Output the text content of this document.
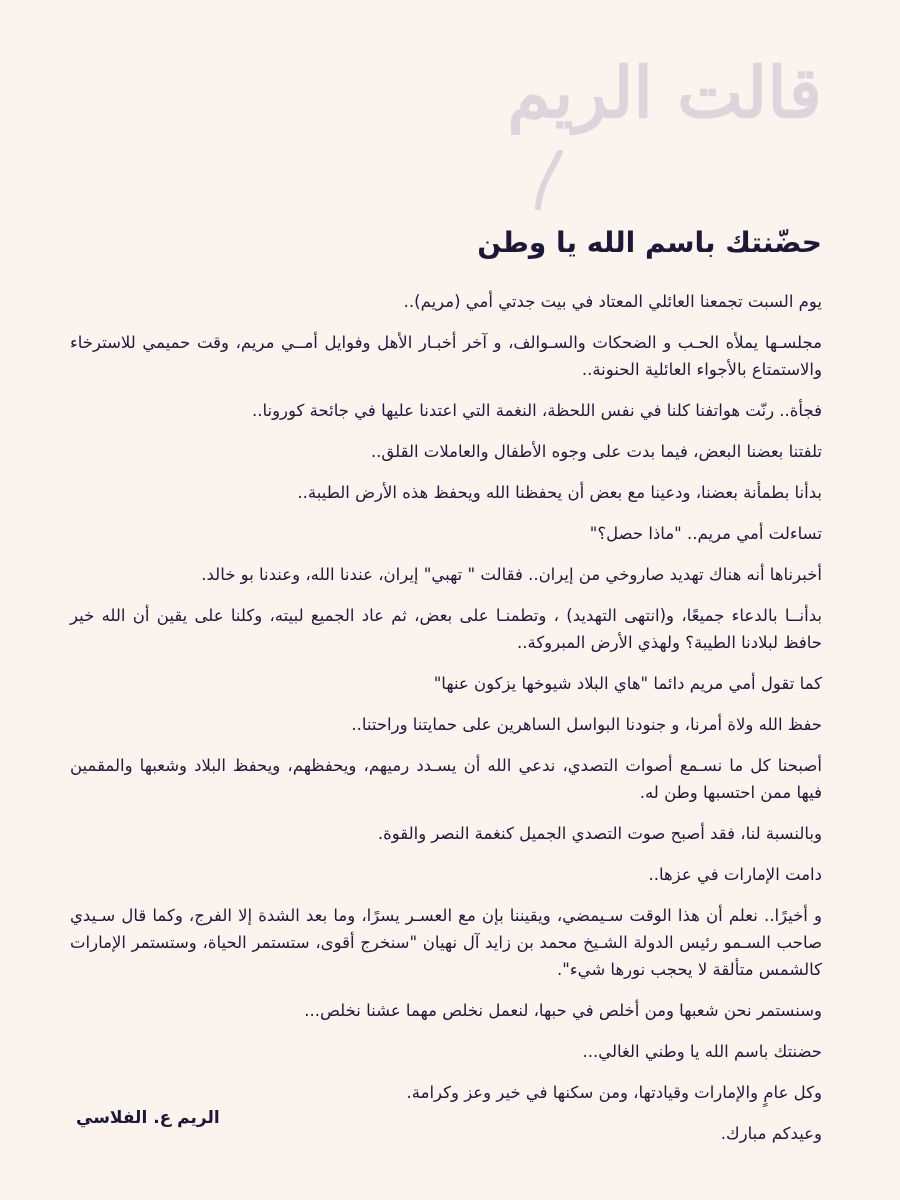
قالت الريم
حضّنتك باسم الله يا وطن

يوم السبت تجمعنا العائلي المعتاد في بيت جدتي أمي (مريم)..

مجلسـها يملأه الحـب و الضحكات والسـوالف، و آخر أخبـار الأهل وفوايل أمــي مريم، وقت حميمي للاسترخاء والاستمتاع بالأجواء العائلية الحنونة..

فجأة.. رنّت هواتفنا كلنا في نفس اللحظة، النغمة التي اعتدنا عليها في جائحة كورونا..

تلفتنا بعضنا البعض، فيما بدت على وجوه الأطفال والعاملات القلق..

بدأنا بطمأنة بعضنا، ودعينا مع بعض أن يحفظنا الله ويحفظ هذه الأرض الطيبة..

تساءلت أمي مريم.. "ماذا حصل؟"

أخبرناها أنه هناك تهديد صاروخي من إيران.. فقالت " تهبي" إيران، عندنا الله، وعندنا بو خالد.

بدأنــا بالدعاء جميعًا، و(انتهى التهديد) ، وتطمنـا على بعض، ثم عاد الجميع لبيته، وكلنا على يقين أن الله خير حافظ لبلادنا الطيبة؟ ولهذي الأرض المبروكة..

كما تقول أمي مريم دائما "هاي البلاد شيوخها يزكون عنها"

حفظ الله ولاة أمرنا، و جنودنا البواسل الساهرين على حمايتنا وراحتنا..

أصبحنا كل ما نسـمع أصوات التصدي، ندعي الله أن يسـدد رميهم، ويحفظهم، ويحفظ البلاد وشعبها والمقمين فيها ممن احتسبها وطن له.

وبالنسبة لنا، فقد أصبح صوت التصدي الجميل كنغمة النصر والقوة.

دامت الإمارات في عزها..

و أخيرًا.. نعلم أن هذا الوقت سـيمضي، ويقيننا بإن مع العسـر يسرًا، وما بعد الشدة إلا الفرج، وكما قال سـيدي صاحب السـمو رئيس الدولة الشـيخ محمد بن زايد آل نهيان "سنخرج أقوى، ستستمر الحياة، وستستمر الإمارات كالشمس متألقة لا يحجب نورها شيء".

وسنستمر نحن شعبها ومن أخلص في حبها، لنعمل نخلص مهما عشنا نخلص...

حضنتك باسم الله يا وطني الغالي...

وكل عامٍ والإمارات وقيادتها، ومن سكنها في خير وعز وكرامة.

وعيدكم مبارك.

الريم ع. الفلاسي
